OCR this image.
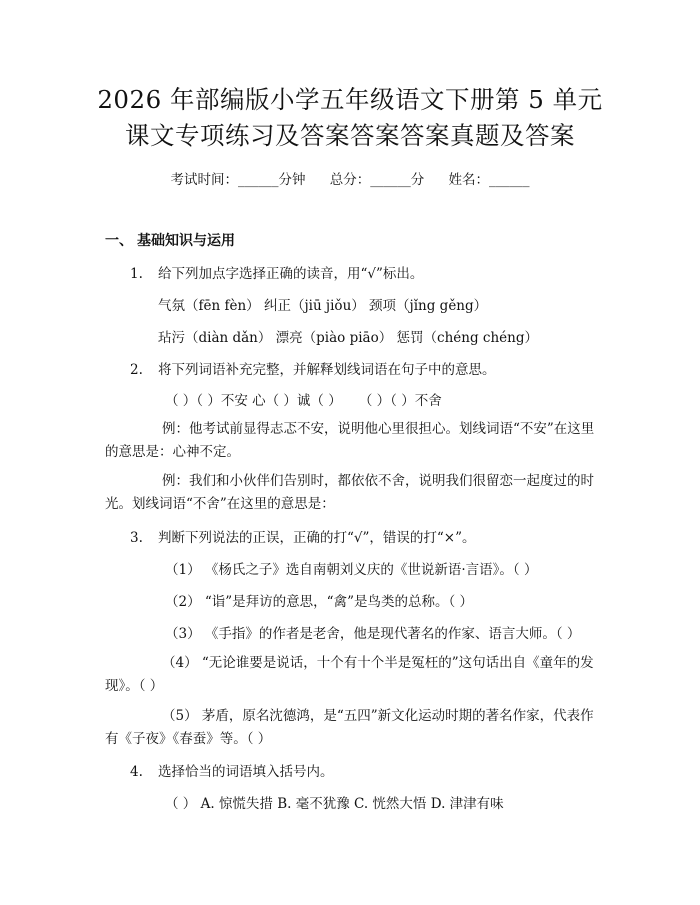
2026 年部编版小学五年级语文下册第 5 单元
课文专项练习及答案答案答案真题及答案
考试时间：______分钟 总分：______分 姓名：______
一、 基础知识与运用
1. 给下列加点字选择正确的读音，用“√”标出。
气氛（fēn fèn） 纠正（jiū jiǒu） 颈项（jǐng gěng）
玷污（diàn dǎn） 漂亮（piào piāo） 惩罚（chéng chéng）
2. 将下列词语补充完整，并解释划线词语在句子中的意思。
（ ）（ ）不安 心（ ）诚（ ）    （ ）（ ）不舍
例：他考试前显得志忑不安，说明他心里很担心。划线词语“不安”在这里的意思是：心神不定。
例：我们和小伙伴们告别时，都依依不舍，说明我们很留恋一起度过的时光。划线词语“不舍”在这里的意思是：
3. 判断下列说法的正误，正确的打“√”，错误的打“×”。
（1） 《杨氏之子》选自南朝刘义庆的《世说新语·言语》。（ ）
（2） “诣”是拜访的意思，“禽”是鸟类的总称。（ ）
（3） 《手指》的作者是老舍，他是现代著名的作家、语言大师。（ ）
（4） “无论谁要是说话，十个有十个半是冤枉的”这句话出自《童年的发现》。（ ）
（5） 茅盾，原名沈德鸿，是“五四”新文化运动时期的著名作家，代表作有《子夜》《春蚕》等。（ ）
4. 选择恰当的词语填入括号内。
（ ） A. 惊慌失措 B. 毫不犹豫 C. 恍然大悟 D. 津津有味
